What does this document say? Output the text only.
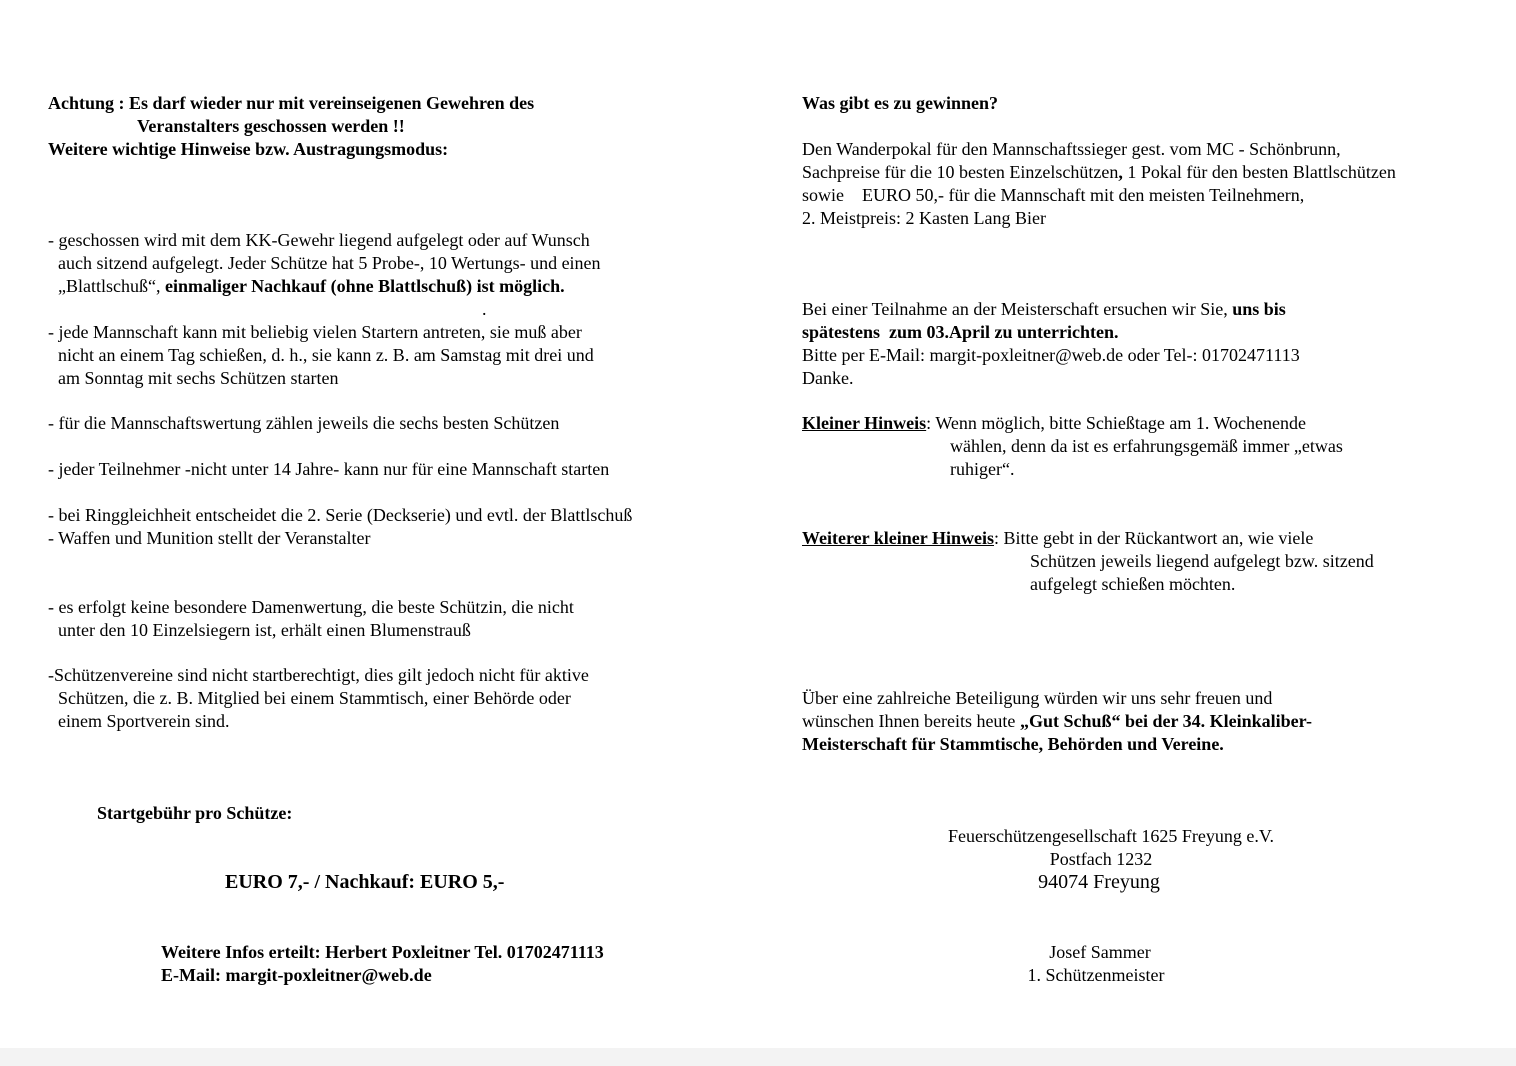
Achtung : Es darf wieder nur mit vereinseigenen Gewehren des
Veranstalters geschossen werden !!
Weitere wichtige Hinweise bzw. Austragungsmodus:
- geschossen wird mit dem KK-Gewehr liegend aufgelegt oder auf Wunsch
auch sitzend aufgelegt. Jeder Schütze hat 5 Probe-, 10 Wertungs- und einen
„Blattlschuß“, einmaliger Nachkauf (ohne Blattlschuß) ist möglich.
.
- jede Mannschaft kann mit beliebig vielen Startern antreten, sie muß aber
nicht an einem Tag schießen, d. h., sie kann z. B. am Samstag mit drei und
am Sonntag mit sechs Schützen starten
- für die Mannschaftswertung zählen jeweils die sechs besten Schützen
- jeder Teilnehmer -nicht unter 14 Jahre- kann nur für eine Mannschaft starten
- bei Ringgleichheit entscheidet die 2. Serie (Deckserie) und evtl. der Blattlschuß
- Waffen und Munition stellt der Veranstalter
- es erfolgt keine besondere Damenwertung, die beste Schützin, die nicht
unter den 10 Einzelsiegern ist, erhält einen Blumenstrauß
-Schützenvereine sind nicht startberechtigt, dies gilt jedoch nicht für aktive
Schützen, die z. B. Mitglied bei einem Stammtisch, einer Behörde oder
einem Sportverein sind.
Startgebühr pro Schütze:
EURO 7,- / Nachkauf: EURO 5,-
Weitere Infos erteilt: Herbert Poxleitner Tel. 01702471113
E-Mail: margit-poxleitner@web.de
Was gibt es zu gewinnen?
Den Wanderpokal für den Mannschaftssieger gest. vom MC - Schönbrunn,
Sachpreise für die 10 besten Einzelschützen, 1 Pokal für den besten Blattlschützen
sowie    EURO 50,- für die Mannschaft mit den meisten Teilnehmern,
2. Meistpreis: 2 Kasten Lang Bier
Bei einer Teilnahme an der Meisterschaft ersuchen wir Sie, uns bis
spätestens  zum 03.April zu unterrichten.
Bitte per E-Mail: margit-poxleitner@web.de oder Tel-: 01702471113
Danke.
Kleiner Hinweis: Wenn möglich, bitte Schießtage am 1. Wochenende
wählen, denn da ist es erfahrungsgemäß immer „etwas
ruhiger“.
Weiterer kleiner Hinweis: Bitte gebt in der Rückantwort an, wie viele
Schützen jeweils liegend aufgelegt bzw. sitzend
aufgelegt schießen möchten.
Über eine zahlreiche Beteiligung würden wir uns sehr freuen und
wünschen Ihnen bereits heute „Gut Schuß“ bei der 34. Kleinkaliber-
Meisterschaft für Stammtische, Behörden und Vereine.
Feuerschützengesellschaft 1625 Freyung e.V.
Postfach 1232
94074 Freyung
Josef Sammer
1. Schützenmeister
